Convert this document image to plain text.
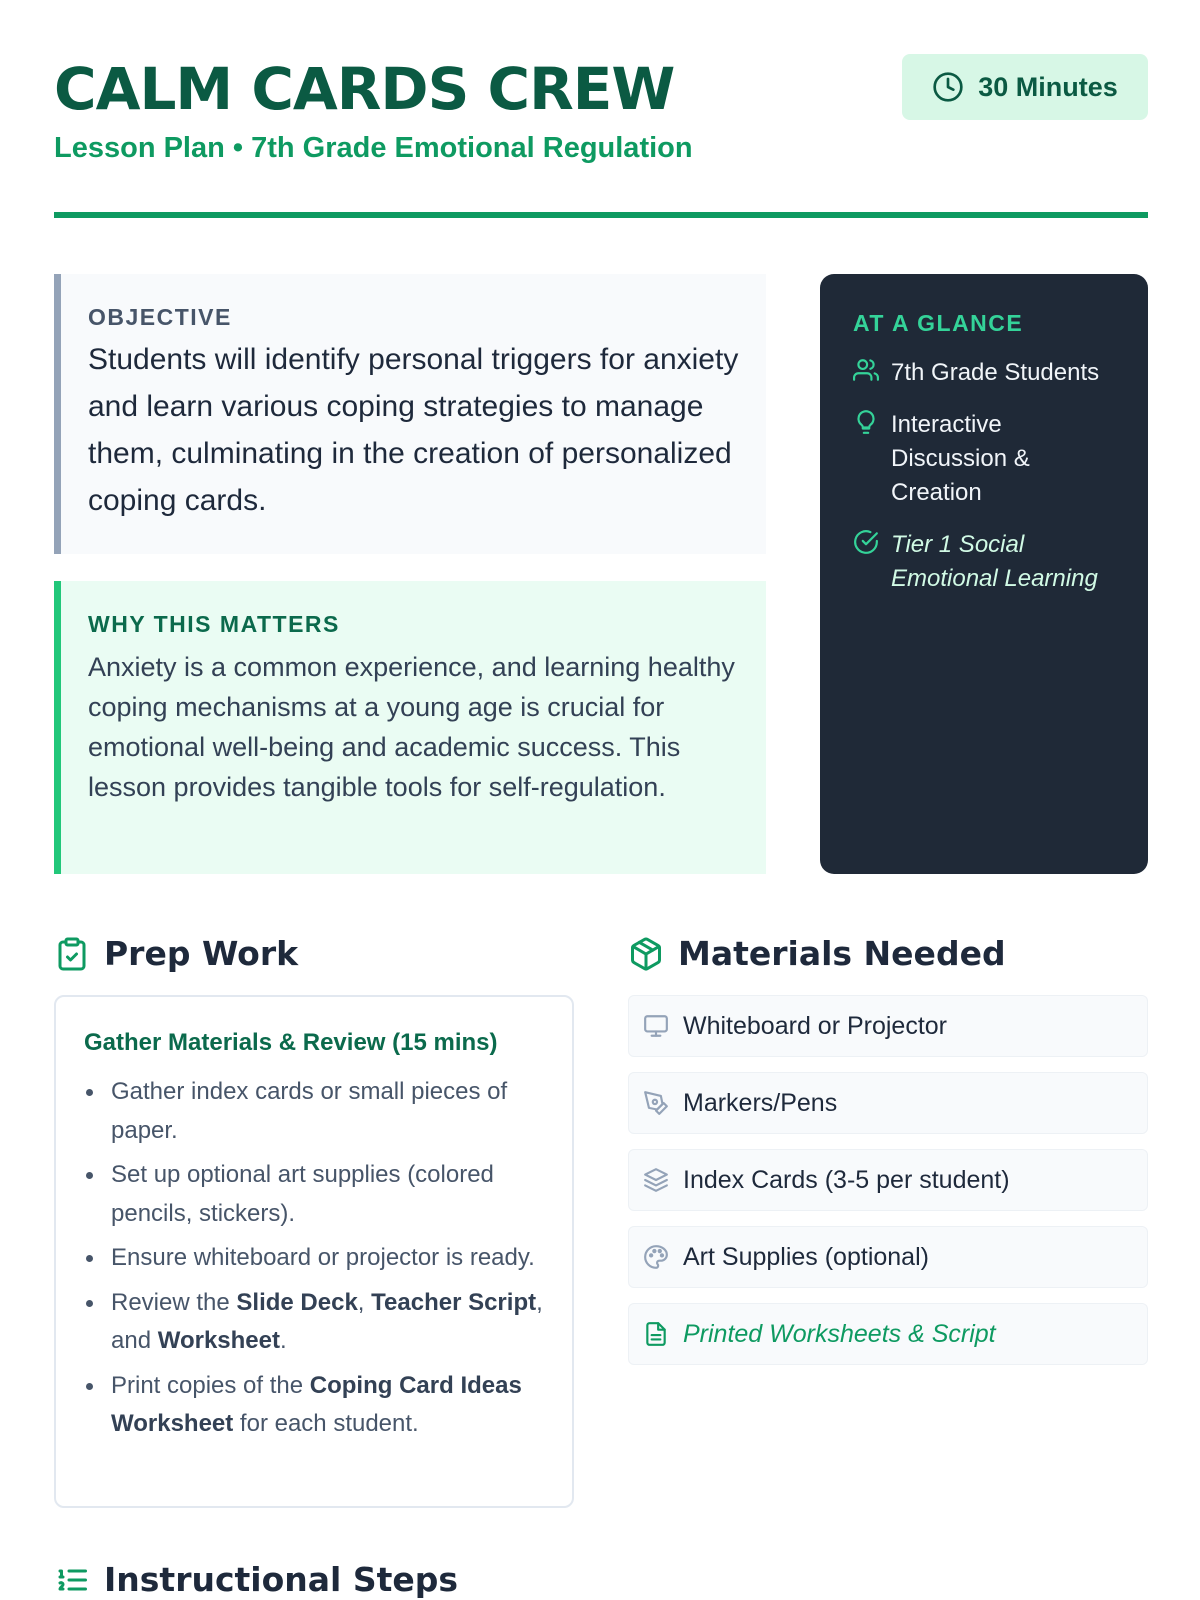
CALM CARDS CREW
Lesson Plan • 7th Grade Emotional Regulation
30 Minutes
OBJECTIVE
Students will identify personal triggers for anxiety and learn various coping strategies to manage them, culminating in the creation of personalized coping cards.
WHY THIS MATTERS
Anxiety is a common experience, and learning healthy coping mechanisms at a young age is crucial for emotional well-being and academic success. This lesson provides tangible tools for self-regulation.
AT A GLANCE
7th Grade Students
Interactive Discussion & Creation
Tier 1 Social Emotional Learning
Prep Work
Gather Materials & Review (15 mins)
Gather index cards or small pieces of paper.
Set up optional art supplies (colored pencils, stickers).
Ensure whiteboard or projector is ready.
Review the Slide Deck, Teacher Script, and Worksheet.
Print copies of the Coping Card Ideas Worksheet for each student.
Materials Needed
Whiteboard or Projector
Markers/Pens
Index Cards (3-5 per student)
Art Supplies (optional)
Printed Worksheets & Script
Instructional Steps
